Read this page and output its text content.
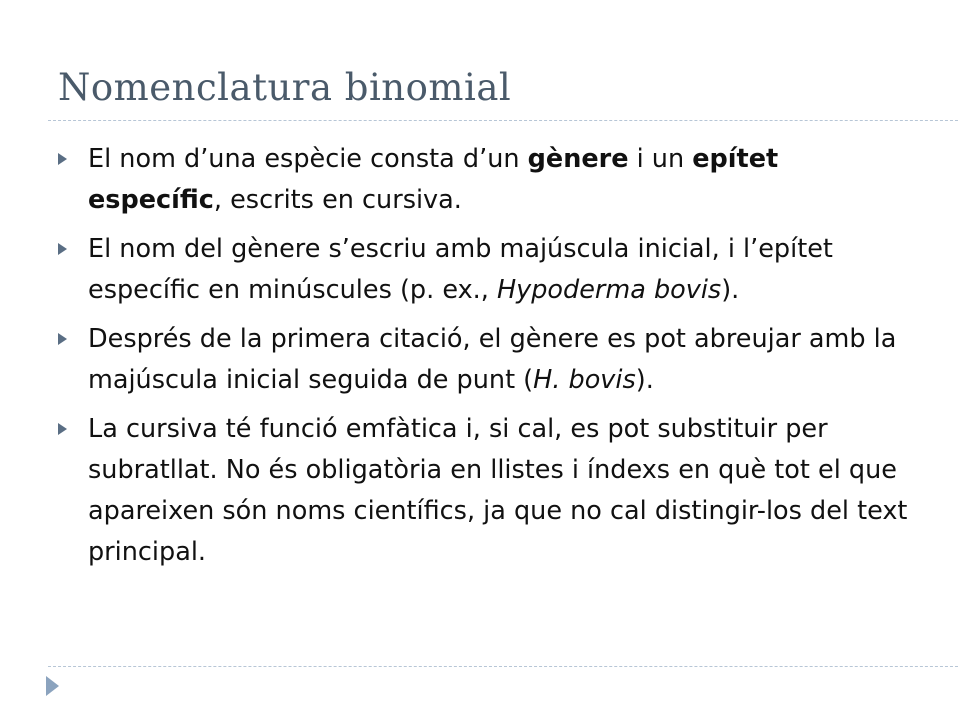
Nomenclatura binomial
El nom d’una espècie consta d’un gènere i un epítet específic, escrits en cursiva.
El nom del gènere s’escriu amb majúscula inicial, i l’epítet específic en minúscules (p. ex., Hypoderma bovis).
Després de la primera citació, el gènere es pot abreujar amb la majúscula inicial seguida de punt (H. bovis).
La cursiva té funció emfàtica i, si cal, es pot substituir per subratllat. No és obligatòria en llistes i índexs en què tot el que apareixen són noms científics, ja que no cal distingir-los del text principal.
